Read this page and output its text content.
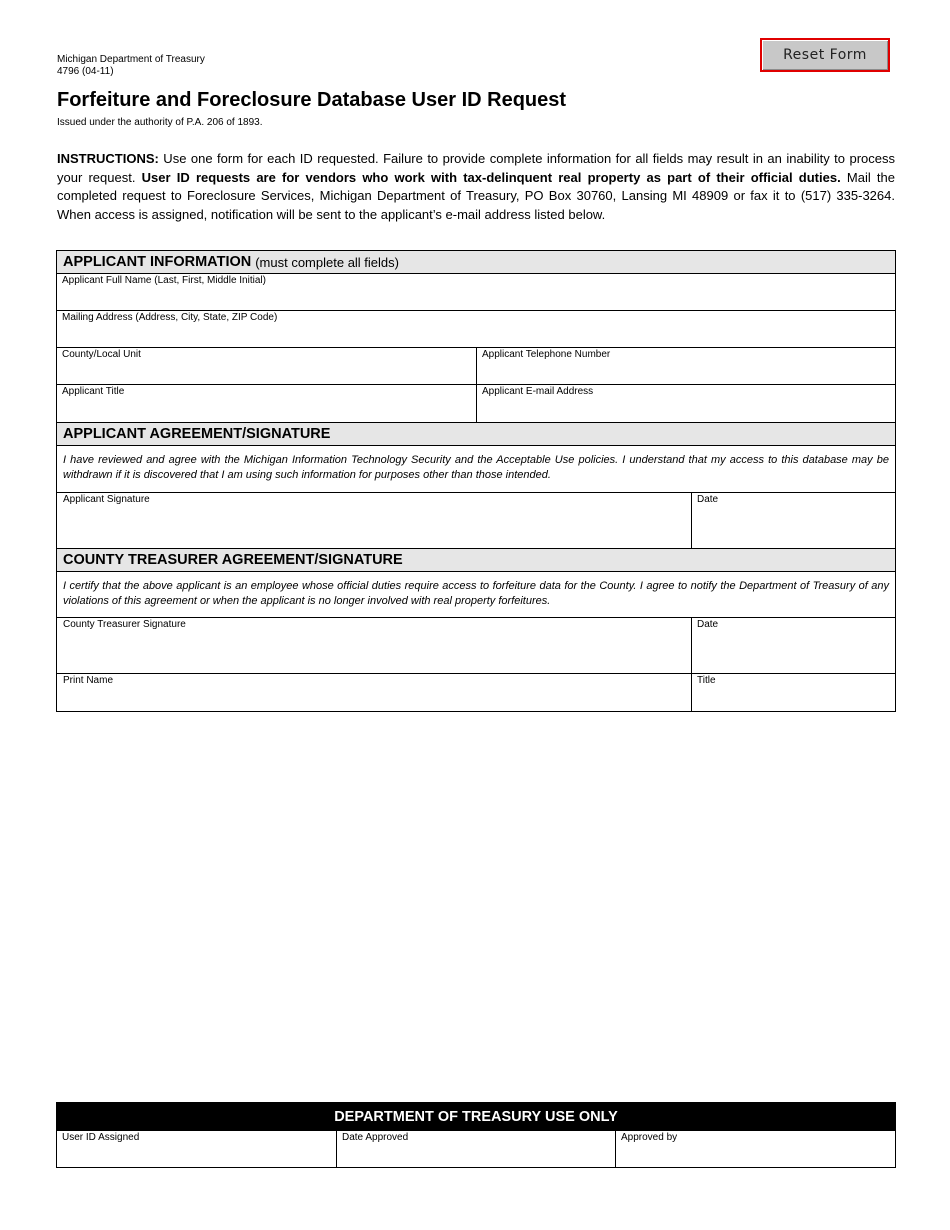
Michigan Department of Treasury
4796 (04-11)
Reset Form
Forfeiture and Foreclosure Database User ID Request
Issued under the authority of P.A. 206 of 1893.
INSTRUCTIONS: Use one form for each ID requested. Failure to provide complete information for all fields may result in an inability to process your request. User ID requests are for vendors who work with tax-delinquent real property as part of their official duties. Mail the completed request to Foreclosure Services, Michigan Department of Treasury, PO Box 30760, Lansing MI 48909 or fax it to (517) 335-3264. When access is assigned, notification will be sent to the applicant’s e-mail address listed below.
APPLICANT INFORMATION (must complete all fields)
Applicant Full Name (Last, First, Middle Initial)
Mailing Address (Address, City, State, ZIP Code)
County/Local Unit	Applicant Telephone Number
Applicant Title	Applicant E-mail Address
APPLICANT AGREEMENT/SIGNATURE
I have reviewed and agree with the Michigan Information Technology Security and the Acceptable Use policies. I understand that my access to this database may be withdrawn if it is discovered that I am using such information for purposes other than those intended.
Applicant Signature	Date
COUNTY TREASURER AGREEMENT/SIGNATURE
I certify that the above applicant is an employee whose official duties require access to forfeiture data for the County. I agree to notify the Department of Treasury of any violations of this agreement or when the applicant is no longer involved with real property forfeitures.
County Treasurer Signature	Date
Print Name	Title
DEPARTMENT OF TREASURY USE ONLY
User ID Assigned	Date Approved	Approved by
